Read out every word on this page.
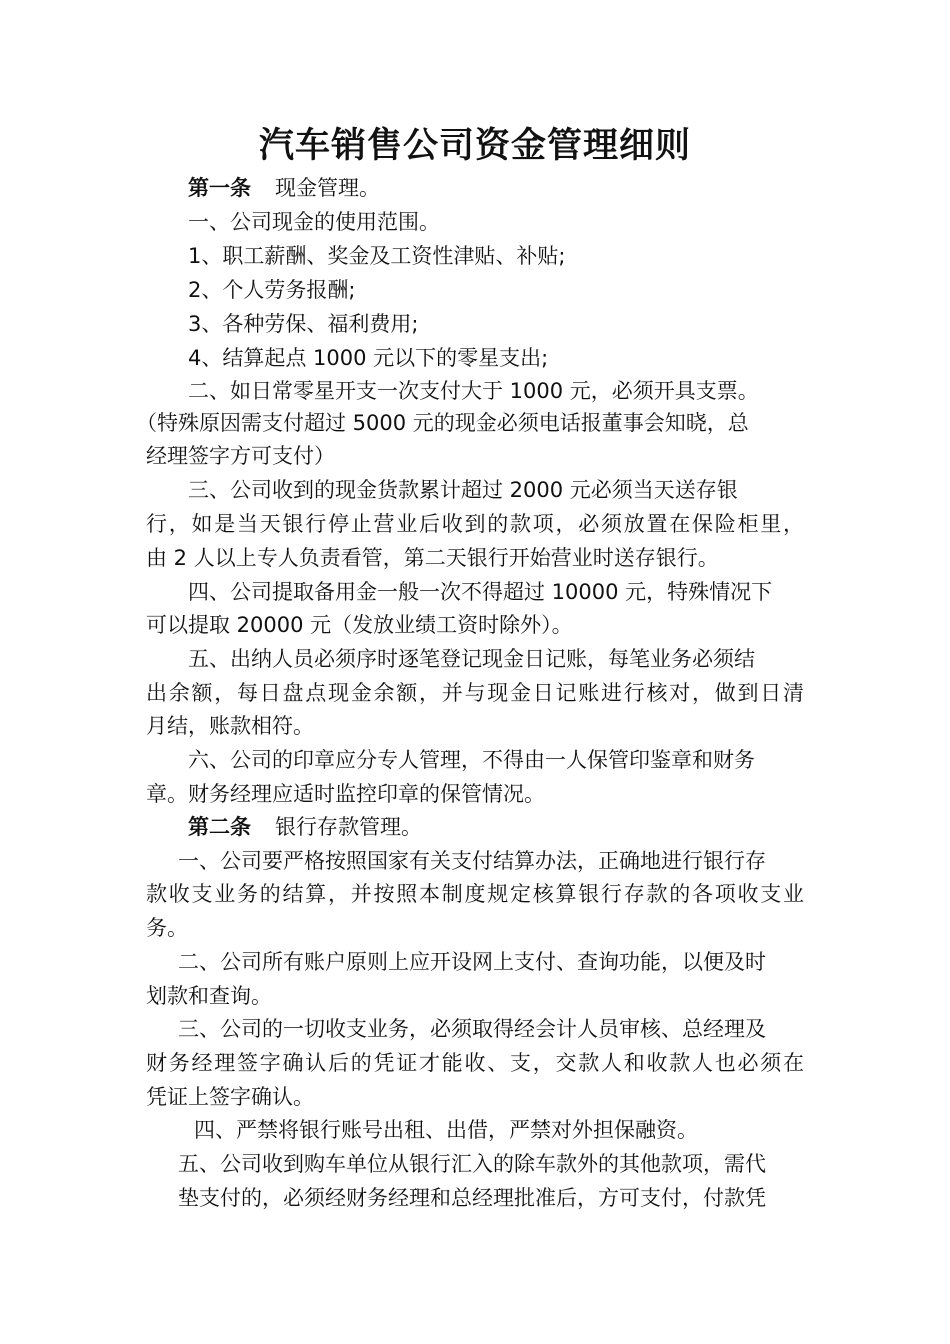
汽车销售公司资金管理细则
第一条 现金管理。
一、公司现金的使用范围。
1、职工薪酬、奖金及工资性津贴、补贴;
2、个人劳务报酬;
3、各种劳保、福利费用;
4、结算起点 1000 元以下的零星支出;
二、如日常零星开支一次支付大于 1000 元，必须开具支票。
（特殊原因需支付超过 5000 元的现金必须电话报董事会知晓，总
经理签字方可支付）
三、公司收到的现金货款累计超过 2000 元必须当天送存银
行，如是当天银行停止营业后收到的款项，必须放置在保险柜里，
由 2 人以上专人负责看管，第二天银行开始营业时送存银行。
四、公司提取备用金一般一次不得超过 10000 元，特殊情况下
可以提取 20000 元（发放业绩工资时除外）。
五、出纳人员必须序时逐笔登记现金日记账，每笔业务必须结
出余额，每日盘点现金余额，并与现金日记账进行核对，做到日清
月结，账款相符。
六、公司的印章应分专人管理，不得由一人保管印鉴章和财务
章。财务经理应适时监控印章的保管情况。
第二条 银行存款管理。
一、公司要严格按照国家有关支付结算办法，正确地进行银行存
款收支业务的结算，并按照本制度规定核算银行存款的各项收支业
务。
二、公司所有账户原则上应开设网上支付、查询功能，以便及时
划款和查询。
三、公司的一切收支业务，必须取得经会计人员审核、总经理及
财务经理签字确认后的凭证才能收、支，交款人和收款人也必须在
凭证上签字确认。
四、严禁将银行账号出租、出借，严禁对外担保融资。
五、公司收到购车单位从银行汇入的除车款外的其他款项，需代
垫支付的，必须经财务经理和总经理批准后，方可支付，付款凭
